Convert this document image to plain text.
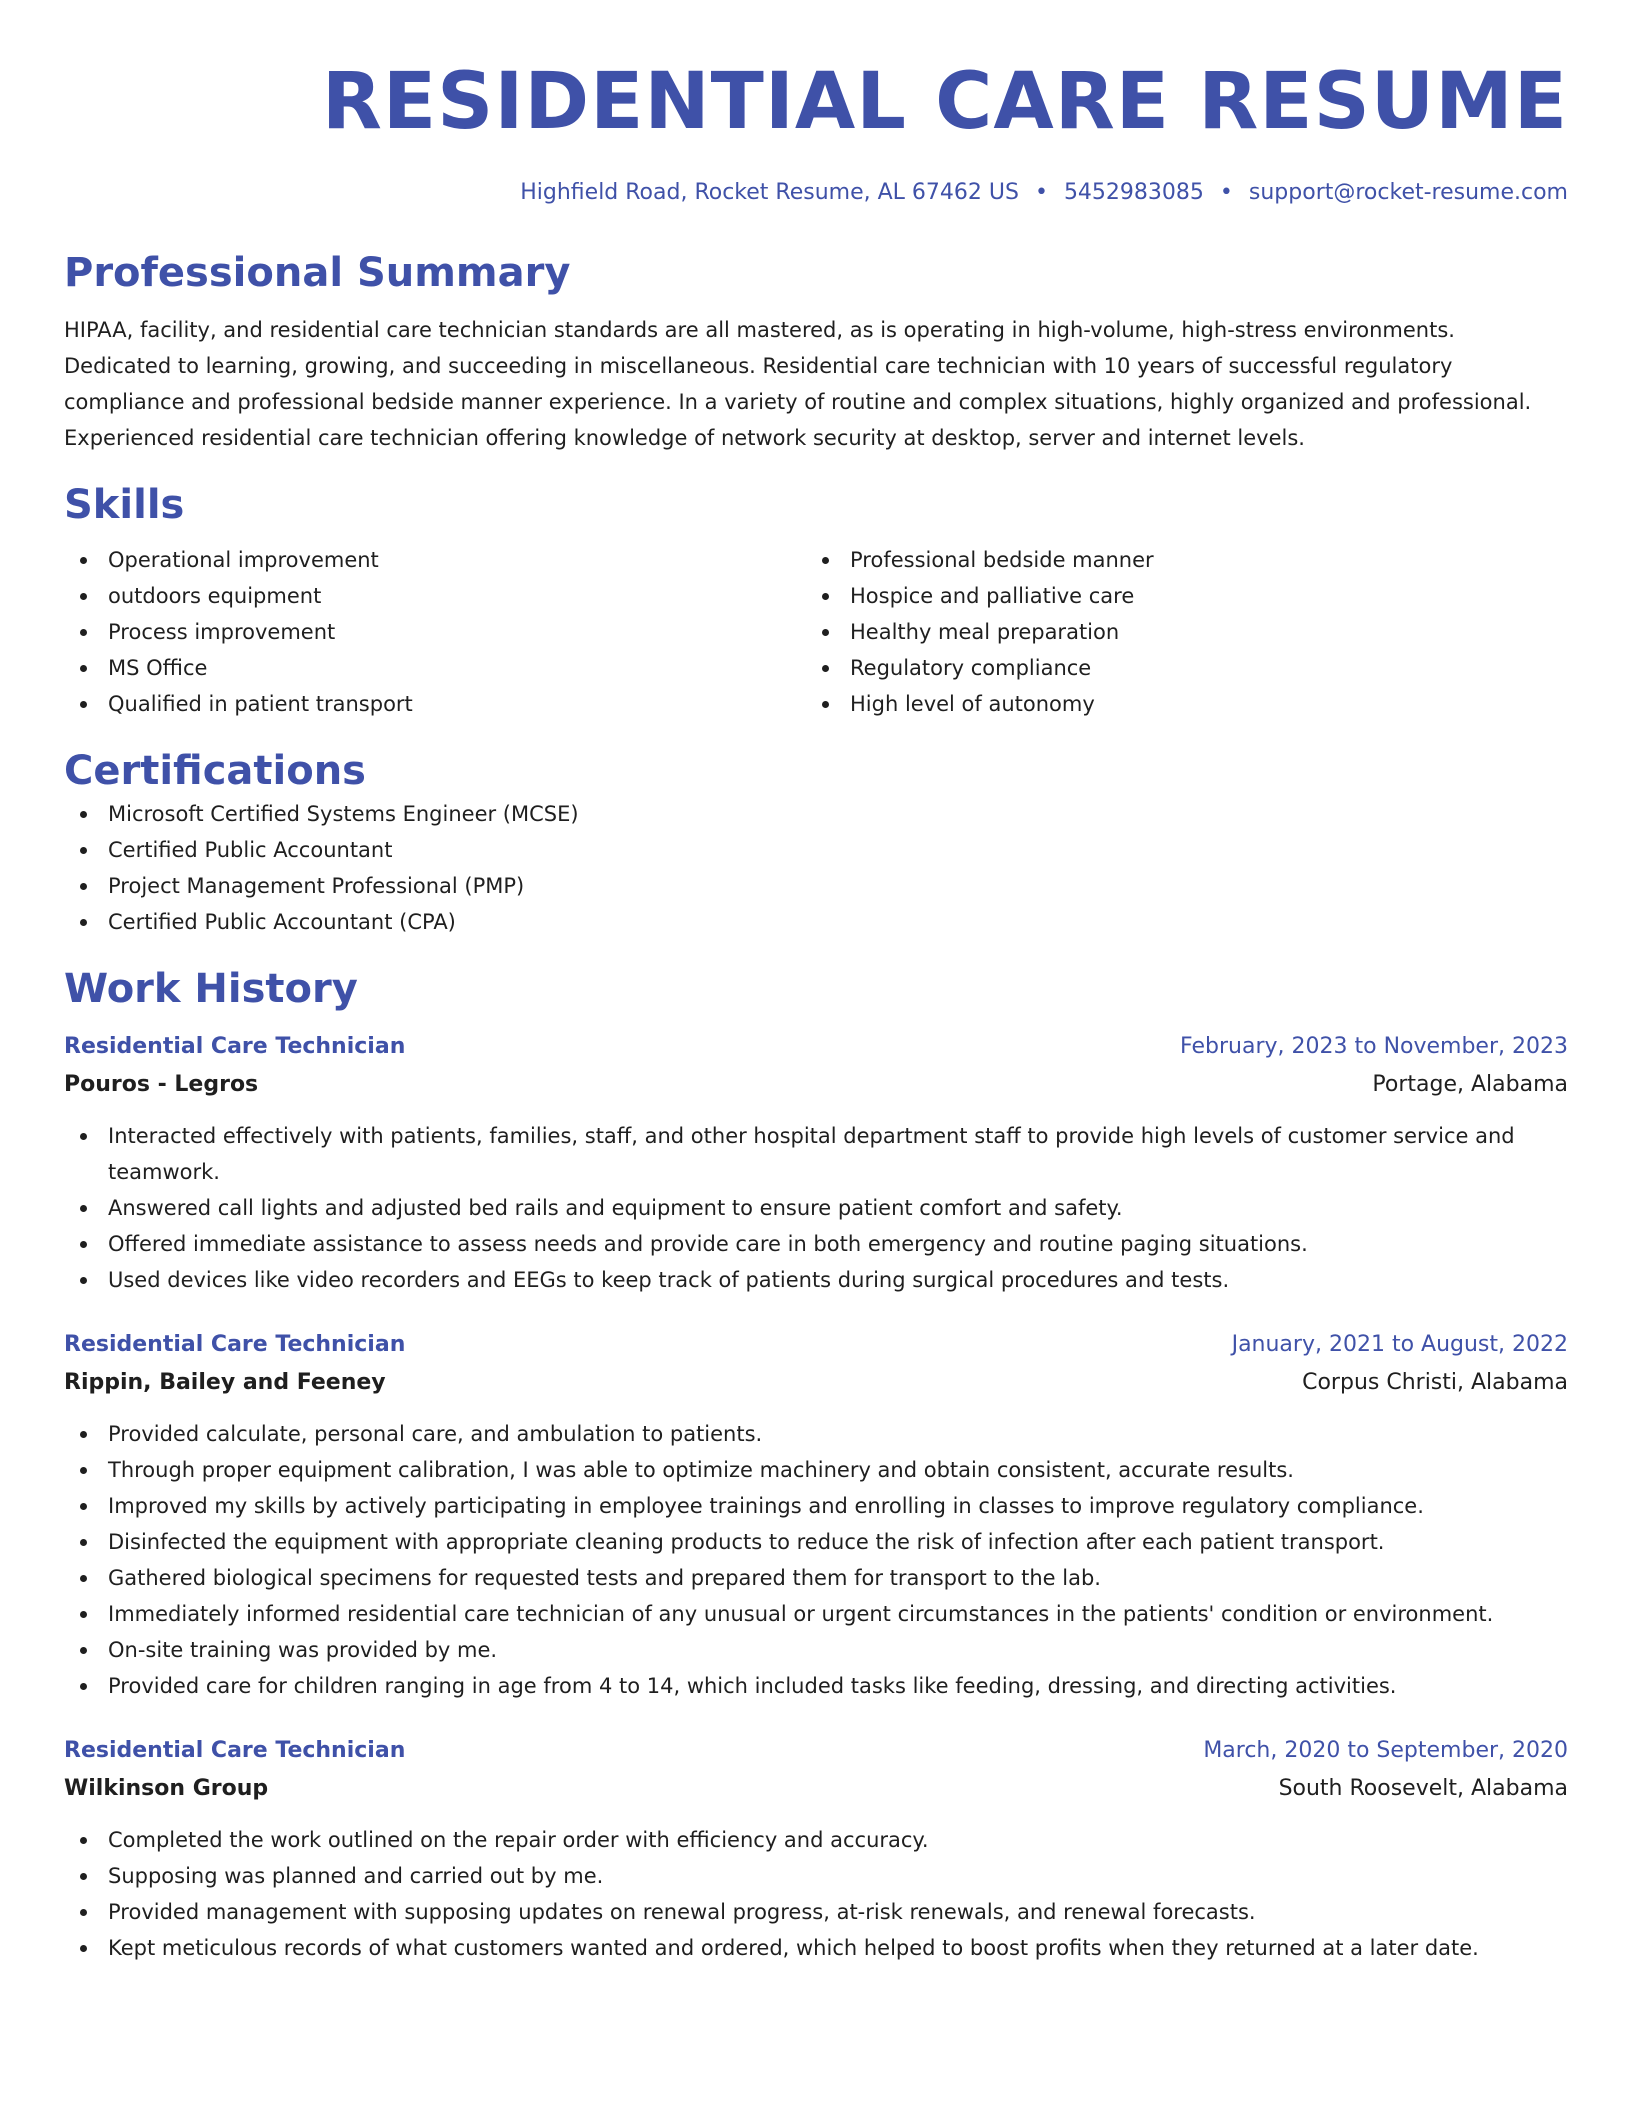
RESIDENTIAL CARE RESUME
Highfield Road, Rocket Resume, AL 67462 US • 5452983085 • support@rocket-resume.com
Professional Summary

HIPAA, facility, and residential care technician standards are all mastered, as is operating in high-volume, high-stress environments. Dedicated to learning, growing, and succeeding in miscellaneous. Residential care technician with 10 years of successful regulatory compliance and professional bedside manner experience. In a variety of routine and complex situations, highly organized and professional. Experienced residential care technician offering knowledge of network security at desktop, server and internet levels.

Skills
Operational improvement
outdoors equipment
Process improvement
MS Office
Qualified in patient transport
Professional bedside manner
Hospice and palliative care
Healthy meal preparation
Regulatory compliance
High level of autonomy
Certifications
Microsoft Certified Systems Engineer (MCSE)
Certified Public Accountant
Project Management Professional (PMP)
Certified Public Accountant (CPA)
Work History
Residential Care Technician	February, 2023 to November, 2023
Pouros - Legros	Portage, Alabama
Interacted effectively with patients, families, staff, and other hospital department staff to provide high levels of customer service and teamwork.
Answered call lights and adjusted bed rails and equipment to ensure patient comfort and safety.
Offered immediate assistance to assess needs and provide care in both emergency and routine paging situations.
Used devices like video recorders and EEGs to keep track of patients during surgical procedures and tests.
Residential Care Technician	January, 2021 to August, 2022
Rippin, Bailey and Feeney	Corpus Christi, Alabama
Provided calculate, personal care, and ambulation to patients.
Through proper equipment calibration, I was able to optimize machinery and obtain consistent, accurate results.
Improved my skills by actively participating in employee trainings and enrolling in classes to improve regulatory compliance.
Disinfected the equipment with appropriate cleaning products to reduce the risk of infection after each patient transport.
Gathered biological specimens for requested tests and prepared them for transport to the lab.
Immediately informed residential care technician of any unusual or urgent circumstances in the patients' condition or environment.
On-site training was provided by me.
Provided care for children ranging in age from 4 to 14, which included tasks like feeding, dressing, and directing activities.
Residential Care Technician	March, 2020 to September, 2020
Wilkinson Group	South Roosevelt, Alabama
Completed the work outlined on the repair order with efficiency and accuracy.
Supposing was planned and carried out by me.
Provided management with supposing updates on renewal progress, at-risk renewals, and renewal forecasts.
Kept meticulous records of what customers wanted and ordered, which helped to boost profits when they returned at a later date.
